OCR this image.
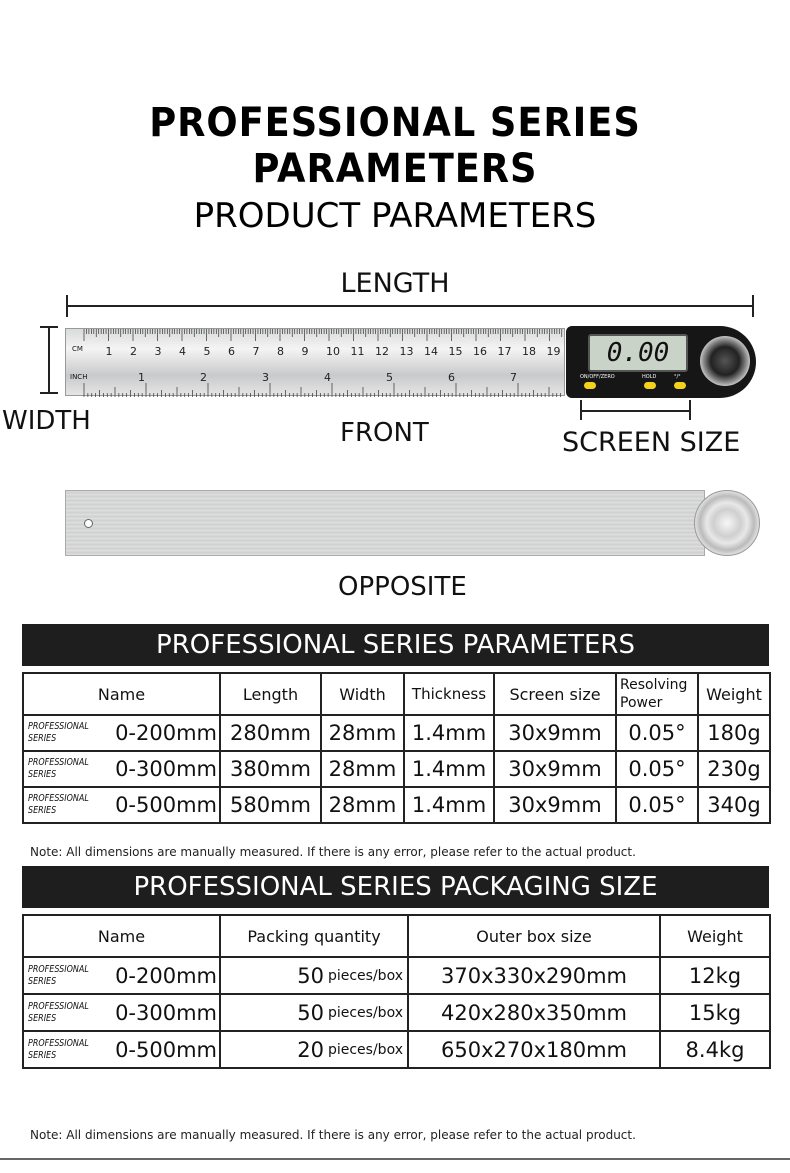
PROFESSIONAL SERIES PARAMETERS
PRODUCT PARAMETERS
LENGTH
WIDTH
1 2 3 4 5 6 7 8 9 10 11 12 13 14 15 16 17 18 19
1	2	3	4	5	6	7
CM
INCH
0.00
ON/OFF/ZERO	HOLD	°/°
FRONT	SCREEN SIZE
OPPOSITE
PROFESSIONAL SERIES PARAMETERS
Name	Length	Width	Thickness	Screen size	Resolving Power	Weight

PROFESSIONAL SERIES 0-200mm	280mm	28mm	1.4mm	30x9mm	0.05°	180g

PROFESSIONAL SERIES 0-300mm	380mm	28mm	1.4mm	30x9mm	0.05°	230g

PROFESSIONAL SERIES 0-500mm	580mm	28mm	1.4mm	30x9mm	0.05°	340g
Note: All dimensions are manually measured. If there is any error, please refer to the actual product.
PROFESSIONAL SERIES PACKAGING SIZE
Name	Packing quantity	Outer box size	Weight

PROFESSIONAL SERIES 0-200mm	50 pieces/box	370x330x290mm	12kg

PROFESSIONAL SERIES 0-300mm	50 pieces/box	420x280x350mm	15kg

PROFESSIONAL SERIES 0-500mm	20 pieces/box	650x270x180mm	8.4kg
Note: All dimensions are manually measured. If there is any error, please refer to the actual product.
